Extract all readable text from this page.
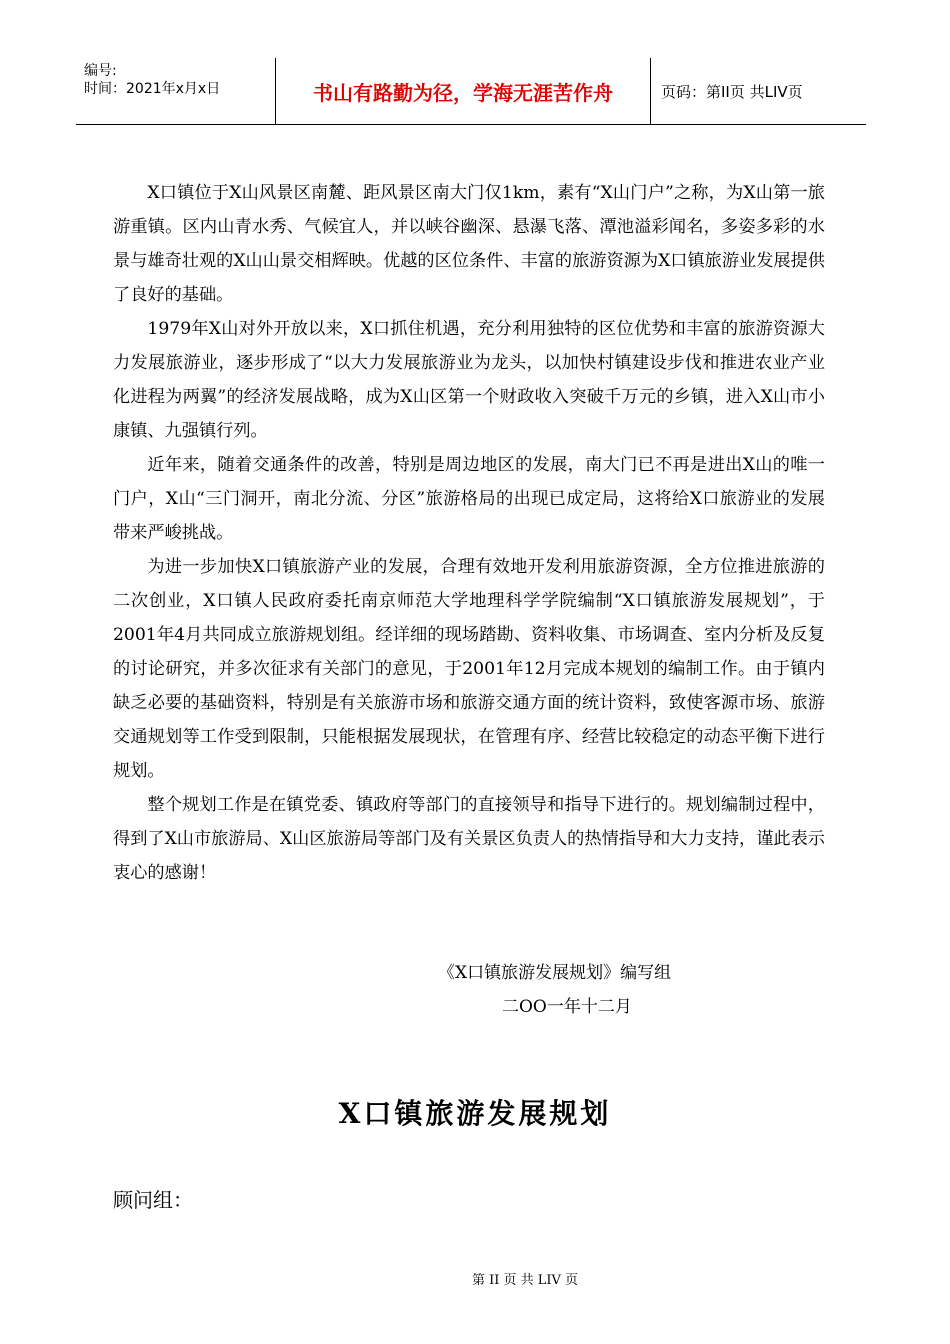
编号:
时间：2021年x月x日	书山有路勤为径，学海无涯苦作舟	页码：第II页 共LIV页

X口镇位于X山风景区南麓、距风景区南大门仅1km，素有“X山门户”之称，为X山第一旅游重镇。区内山青水秀、气候宜人，并以峡谷幽深、悬瀑飞落、潭池溢彩闻名，多姿多彩的水景与雄奇壮观的X山山景交相辉映。优越的区位条件、丰富的旅游资源为X口镇旅游业发展提供了良好的基础。

1979年X山对外开放以来，X口抓住机遇，充分利用独特的区位优势和丰富的旅游资源大力发展旅游业，逐步形成了“以大力发展旅游业为龙头，以加快村镇建设步伐和推进农业产业化进程为两翼”的经济发展战略，成为X山区第一个财政收入突破千万元的乡镇，进入X山市小康镇、九强镇行列。

近年来，随着交通条件的改善，特别是周边地区的发展，南大门已不再是进出X山的唯一门户，X山“三门洞开，南北分流、分区”旅游格局的出现已成定局，这将给X口旅游业的发展带来严峻挑战。

为进一步加快X口镇旅游产业的发展，合理有效地开发利用旅游资源，全方位推进旅游的二次创业，X口镇人民政府委托南京师范大学地理科学学院编制“X口镇旅游发展规划”，于2001年4月共同成立旅游规划组。经详细的现场踏勘、资料收集、市场调查、室内分析及反复的讨论研究，并多次征求有关部门的意见，于2001年12月完成本规划的编制工作。由于镇内缺乏必要的基础资料，特别是有关旅游市场和旅游交通方面的统计资料，致使客源市场、旅游交通规划等工作受到限制，只能根据发展现状，在管理有序、经营比较稳定的动态平衡下进行规划。

整个规划工作是在镇党委、镇政府等部门的直接领导和指导下进行的。规划编制过程中，得到了X山市旅游局、X山区旅游局等部门及有关景区负责人的热情指导和大力支持，谨此表示衷心的感谢！

《X口镇旅游发展规划》编写组
二OO一年十二月
X口镇旅游发展规划
顾问组：
第 II 页 共 LIV 页
